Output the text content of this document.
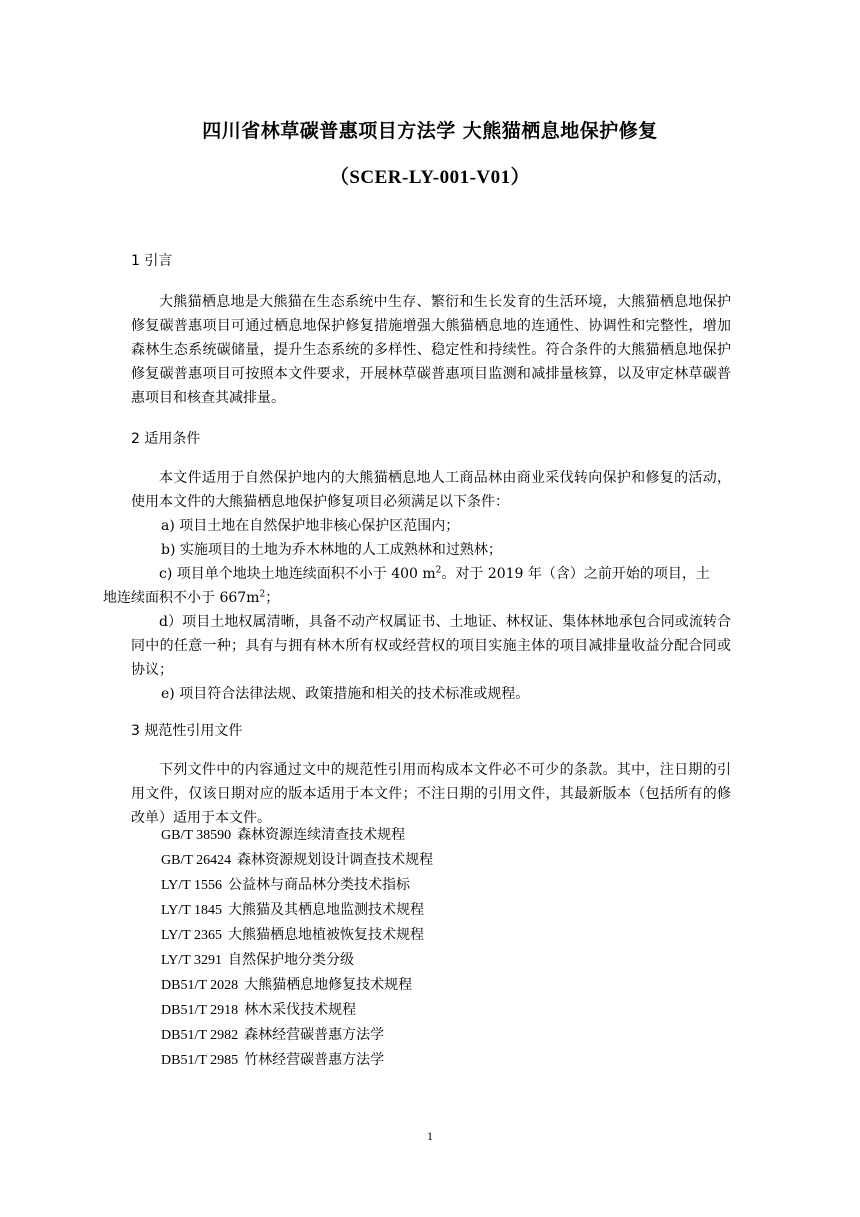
四川省林草碳普惠项目方法学 大熊猫栖息地保护修复
（SCER-LY-001-V01）
1 引言
大熊猫栖息地是大熊猫在生态系统中生存、繁衍和生长发育的生活环境，大熊猫栖息地保护修复碳普惠项目可通过栖息地保护修复措施增强大熊猫栖息地的连通性、协调性和完整性，增加森林生态系统碳储量，提升生态系统的多样性、稳定性和持续性。符合条件的大熊猫栖息地保护修复碳普惠项目可按照本文件要求，开展林草碳普惠项目监测和减排量核算，以及审定林草碳普惠项目和核查其减排量。
2 适用条件
本文件适用于自然保护地内的大熊猫栖息地人工商品林由商业采伐转向保护和修复的活动，使用本文件的大熊猫栖息地保护修复项目必须满足以下条件：
a) 项目土地在自然保护地非核心保护区范围内；
b) 实施项目的土地为乔木林地的人工成熟林和过熟林；
c) 项目单个地块土地连续面积不小于 400 $m^2$。对于 2019 年（含）之前开始的项目，土
地连续面积不小于 $667m^2$；
d）项目土地权属清晰，具备不动产权属证书、土地证、林权证、集体林地承包合同或流转合同中的任意一种；具有与拥有林木所有权或经营权的项目实施主体的项目减排量收益分配合同或协议；
e) 项目符合法律法规、政策措施和相关的技术标准或规程。
3 规范性引用文件
下列文件中的内容通过文中的规范性引用而构成本文件必不可少的条款。其中，注日期的引用文件，仅该日期对应的版本适用于本文件；不注日期的引用文件，其最新版本（包括所有的修改单）适用于本文件。
GB/T 38590 森林资源连续清查技术规程
GB/T 26424 森林资源规划设计调查技术规程
LY/T 1556 公益林与商品林分类技术指标
LY/T 1845 大熊猫及其栖息地监测技术规程
LY/T 2365 大熊猫栖息地植被恢复技术规程
LY/T 3291 自然保护地分类分级
DB51/T 2028 大熊猫栖息地修复技术规程
DB51/T 2918 林木采伐技术规程
DB51/T 2982 森林经营碳普惠方法学
DB51/T 2985 竹林经营碳普惠方法学
1
